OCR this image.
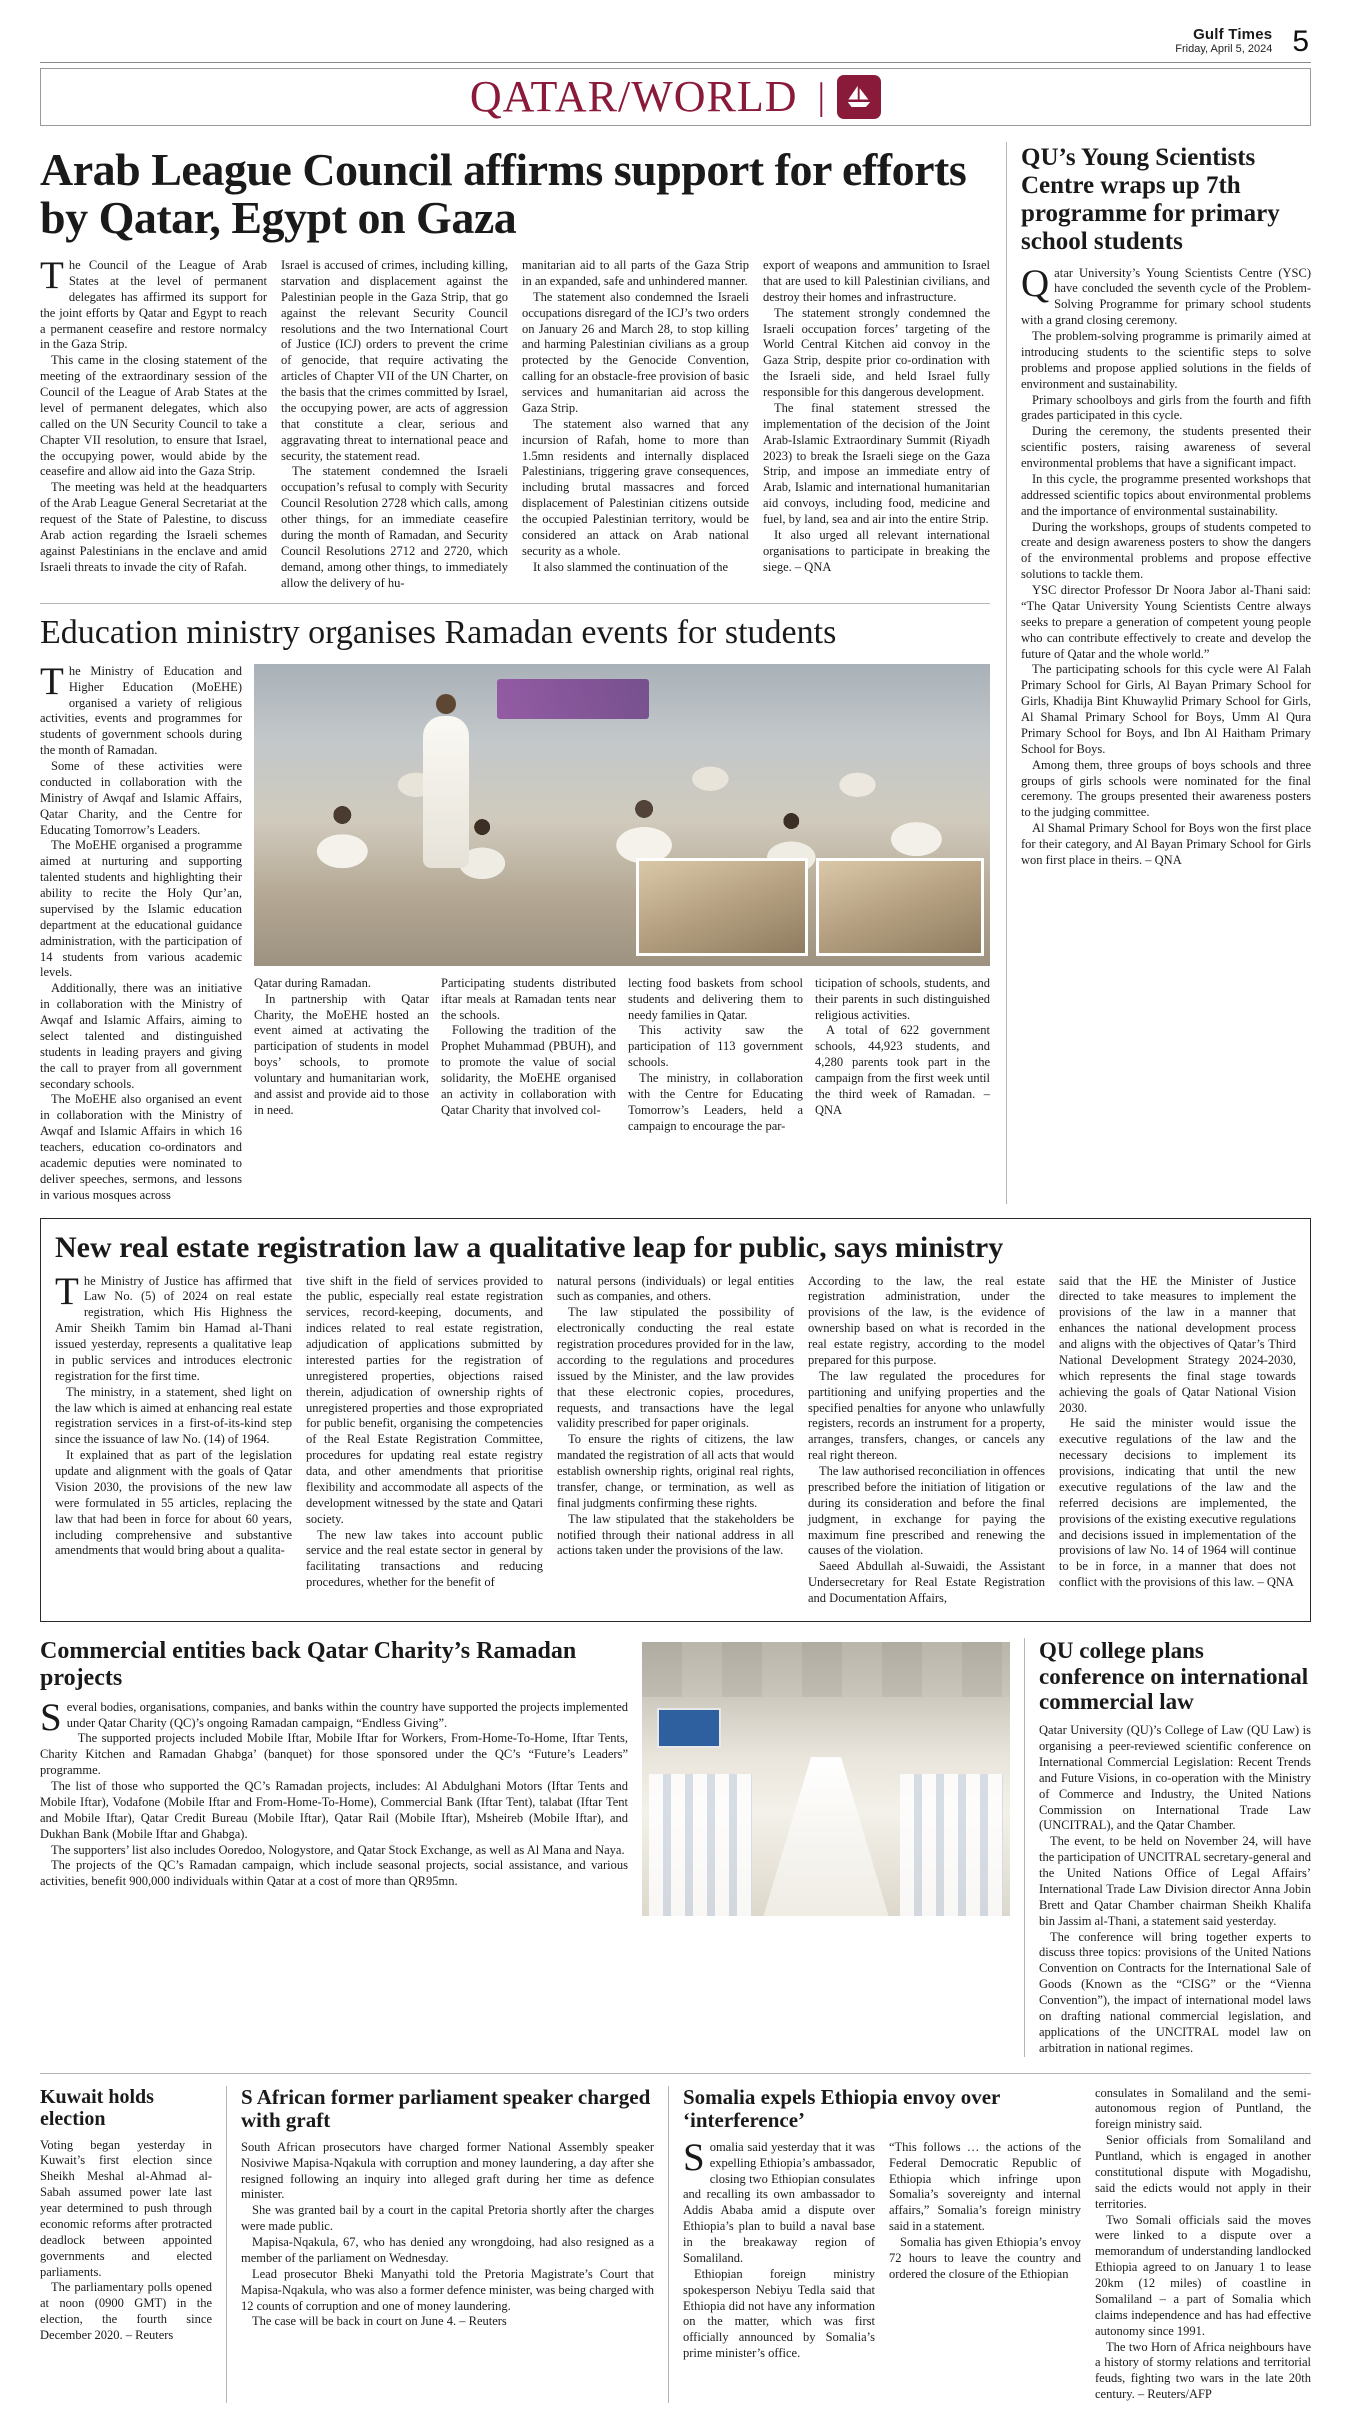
Gulf Times
Friday, April 5, 2024 5
QATAR/WORLD |
Arab League Council affirms support for efforts by Qatar, Egypt on Gaza

The Council of the League of Arab States at the level of permanent delegates has affirmed its support for the joint efforts by Qatar and Egypt to reach a permanent ceasefire and restore normalcy in the Gaza Strip.

This came in the closing statement of the meeting of the extraordinary session of the Council of the League of Arab States at the level of permanent delegates, which also called on the UN Security Council to take a Chapter VII resolution, to ensure that Israel, the occupying power, would abide by the ceasefire and allow aid into the Gaza Strip.

The meeting was held at the headquarters of the Arab League General Secretariat at the request of the State of Palestine, to discuss Arab action regarding the Israeli schemes against Palestinians in the enclave and amid Israeli threats to invade the city of Rafah.

Israel is accused of crimes, including killing, starvation and displacement against the Palestinian people in the Gaza Strip, that go against the relevant Security Council resolutions and the two International Court of Justice (ICJ) orders to prevent the crime of genocide, that require activating the articles of Chapter VII of the UN Charter, on the basis that the crimes committed by Israel, the occupying power, are acts of aggression that constitute a clear, serious and aggravating threat to international peace and security, the statement read.

The statement condemned the Israeli occupation’s refusal to comply with Security Council Resolution 2728 which calls, among other things, for an immediate ceasefire during the month of Ramadan, and Security Council Resolutions 2712 and 2720, which demand, among other things, to immediately allow the delivery of hu-

manitarian aid to all parts of the Gaza Strip in an expanded, safe and unhindered manner.

The statement also condemned the Israeli occupations disregard of the ICJ’s two orders on January 26 and March 28, to stop killing and harming Palestinian civilians as a group protected by the Genocide Convention, calling for an obstacle-free provision of basic services and humanitarian aid across the Gaza Strip.

The statement also warned that any incursion of Rafah, home to more than 1.5mn residents and internally displaced Palestinians, triggering grave consequences, including brutal massacres and forced displacement of Palestinian citizens outside the occupied Palestinian territory, would be considered an attack on Arab national security as a whole.

It also slammed the continuation of the

export of weapons and ammunition to Israel that are used to kill Palestinian civilians, and destroy their homes and infrastructure.

The statement strongly condemned the Israeli occupation forces’ targeting of the World Central Kitchen aid convoy in the Gaza Strip, despite prior co-ordination with the Israeli side, and held Israel fully responsible for this dangerous development.

The final statement stressed the implementation of the decision of the Joint Arab-Islamic Extraordinary Summit (Riyadh 2023) to break the Israeli siege on the Gaza Strip, and impose an immediate entry of Arab, Islamic and international humanitarian aid convoys, including food, medicine and fuel, by land, sea and air into the entire Strip.

It also urged all relevant international organisations to participate in breaking the siege. – QNA

Education ministry organises Ramadan events for students

The Ministry of Education and Higher Education (MoEHE) organised a variety of religious activities, events and programmes for students of government schools during the month of Ramadan.

Some of these activities were conducted in collaboration with the Ministry of Awqaf and Islamic Affairs, Qatar Charity, and the Centre for Educating Tomorrow’s Leaders.

The MoEHE organised a programme aimed at nurturing and supporting talented students and highlighting their ability to recite the Holy Qur’an, supervised by the Islamic education department at the educational guidance administration, with the participation of 14 students from various academic levels.

Additionally, there was an initiative in collaboration with the Ministry of Awqaf and Islamic Affairs, aiming to select talented and distinguished students in leading prayers and giving the call to prayer from all government secondary schools.

The MoEHE also organised an event in collaboration with the Ministry of Awqaf and Islamic Affairs in which 16 teachers, education co-ordinators and academic deputies were nominated to deliver speeches, sermons, and lessons in various mosques across

Qatar during Ramadan.

In partnership with Qatar Charity, the MoEHE hosted an event aimed at activating the participation of students in model boys’ schools, to promote voluntary and humanitarian work, and assist and provide aid to those in need.

Participating students distributed iftar meals at Ramadan tents near the schools.

Following the tradition of the Prophet Muhammad (PBUH), and to promote the value of social solidarity, the MoEHE organised an activity in collaboration with Qatar Charity that involved col-

lecting food baskets from school students and delivering them to needy families in Qatar.

This activity saw the participation of 113 government schools.

The ministry, in collaboration with the Centre for Educating Tomorrow’s Leaders, held a campaign to encourage the par-

ticipation of schools, students, and their parents in such distinguished religious activities.

A total of 622 government schools, 44,923 students, and 4,280 parents took part in the campaign from the first week until the third week of Ramadan. – QNA

QU’s Young Scientists Centre wraps up 7th programme for primary school students

Qatar University’s Young Scientists Centre (YSC) have concluded the seventh cycle of the Problem-Solving Programme for primary school students with a grand closing ceremony.

The problem-solving programme is primarily aimed at introducing students to the scientific steps to solve problems and propose applied solutions in the fields of environment and sustainability.

Primary schoolboys and girls from the fourth and fifth grades participated in this cycle.

During the ceremony, the students presented their scientific posters, raising awareness of several environmental problems that have a significant impact.

In this cycle, the programme presented workshops that addressed scientific topics about environmental problems and the importance of environmental sustainability.

During the workshops, groups of students competed to create and design awareness posters to show the dangers of the environmental problems and propose effective solutions to tackle them.

YSC director Professor Dr Noora Jabor al-Thani said: “The Qatar University Young Scientists Centre always seeks to prepare a generation of competent young people who can contribute effectively to create and develop the future of Qatar and the whole world.”

The participating schools for this cycle were Al Falah Primary School for Girls, Al Bayan Primary School for Girls, Khadija Bint Khuwaylid Primary School for Girls, Al Shamal Primary School for Boys, Umm Al Qura Primary School for Boys, and Ibn Al Haitham Primary School for Boys.

Among them, three groups of boys schools and three groups of girls schools were nominated for the final ceremony. The groups presented their awareness posters to the judging committee.

Al Shamal Primary School for Boys won the first place for their category, and Al Bayan Primary School for Girls won first place in theirs. – QNA

New real estate registration law a qualitative leap for public, says ministry

The Ministry of Justice has affirmed that Law No. (5) of 2024 on real estate registration, which His Highness the Amir Sheikh Tamim bin Hamad al-Thani issued yesterday, represents a qualitative leap in public services and introduces electronic registration for the first time.

The ministry, in a statement, shed light on the law which is aimed at enhancing real estate registration services in a first-of-its-kind step since the issuance of law No. (14) of 1964.

It explained that as part of the legislation update and alignment with the goals of Qatar Vision 2030, the provisions of the new law were formulated in 55 articles, replacing the law that had been in force for about 60 years, including comprehensive and substantive amendments that would bring about a qualita-

tive shift in the field of services provided to the public, especially real estate registration services, record-keeping, documents, and indices related to real estate registration, adjudication of applications submitted by interested parties for the registration of unregistered properties, objections raised therein, adjudication of ownership rights of unregistered properties and those expropriated for public benefit, organising the competencies of the Real Estate Registration Committee, procedures for updating real estate registry data, and other amendments that prioritise flexibility and accommodate all aspects of the development witnessed by the state and Qatari society.

The new law takes into account public service and the real estate sector in general by facilitating transactions and reducing procedures, whether for the benefit of

natural persons (individuals) or legal entities such as companies, and others.

The law stipulated the possibility of electronically conducting the real estate registration procedures provided for in the law, according to the regulations and procedures issued by the Minister, and the law provides that these electronic copies, procedures, requests, and transactions have the legal validity prescribed for paper originals.

To ensure the rights of citizens, the law mandated the registration of all acts that would establish ownership rights, original real rights, transfer, change, or termination, as well as final judgments confirming these rights.

The law stipulated that the stakeholders be notified through their national address in all actions taken under the provisions of the law.

According to the law, the real estate registration administration, under the provisions of the law, is the evidence of ownership based on what is recorded in the real estate registry, according to the model prepared for this purpose.

The law regulated the procedures for partitioning and unifying properties and the specified penalties for anyone who unlawfully registers, records an instrument for a property, arranges, transfers, changes, or cancels any real right thereon.

The law authorised reconciliation in offences prescribed before the initiation of litigation or during its consideration and before the final judgment, in exchange for paying the maximum fine prescribed and renewing the causes of the violation.

Saeed Abdullah al-Suwaidi, the Assistant Undersecretary for Real Estate Registration and Documentation Affairs,

said that the HE the Minister of Justice directed to take measures to implement the provisions of the law in a manner that enhances the national development process and aligns with the objectives of Qatar’s Third National Development Strategy 2024-2030, which represents the final stage towards achieving the goals of Qatar National Vision 2030.

He said the minister would issue the executive regulations of the law and the necessary decisions to implement its provisions, indicating that until the new executive regulations of the law and the referred decisions are implemented, the provisions of the existing executive regulations and decisions issued in implementation of the provisions of law No. 14 of 1964 will continue to be in force, in a manner that does not conflict with the provisions of this law. – QNA

Commercial entities back Qatar Charity’s Ramadan projects

Several bodies, organisations, companies, and banks within the country have supported the projects implemented under Qatar Charity (QC)’s ongoing Ramadan campaign, “Endless Giving”.

The supported projects included Mobile Iftar, Mobile Iftar for Workers, From-Home-To-Home, Iftar Tents, Charity Kitchen and Ramadan Ghabga’ (banquet) for those sponsored under the QC’s “Future’s Leaders” programme.

The list of those who supported the QC’s Ramadan projects, includes: Al Abdulghani Motors (Iftar Tents and Mobile Iftar), Vodafone (Mobile Iftar and From-Home-To-Home), Commercial Bank (Iftar Tent), talabat (Iftar Tent and Mobile Iftar), Qatar Credit Bureau (Mobile Iftar), Qatar Rail (Mobile Iftar), Msheireb (Mobile Iftar), and Dukhan Bank (Mobile Iftar and Ghabga).

The supporters’ list also includes Ooredoo, Nologystore, and Qatar Stock Exchange, as well as Al Mana and Naya.

The projects of the QC’s Ramadan campaign, which include seasonal projects, social assistance, and various activities, benefit 900,000 individuals within Qatar at a cost of more than QR95mn.

QU college plans conference on international commercial law

Qatar University (QU)’s College of Law (QU Law) is organising a peer-reviewed scientific conference on International Commercial Legislation: Recent Trends and Future Visions, in co-operation with the Ministry of Commerce and Industry, the United Nations Commission on International Trade Law (UNCITRAL), and the Qatar Chamber.

The event, to be held on November 24, will have the participation of UNCITRAL secretary-general and the United Nations Office of Legal Affairs’ International Trade Law Division director Anna Jobin Brett and Qatar Chamber chairman Sheikh Khalifa bin Jassim al-Thani, a statement said yesterday.

The conference will bring together experts to discuss three topics: provisions of the United Nations Convention on Contracts for the International Sale of Goods (Known as the “CISG” or the “Vienna Convention”), the impact of international model laws on drafting national commercial legislation, and applications of the UNCITRAL model law on arbitration in national regimes.

Kuwait holds election

Voting began yesterday in Kuwait’s first election since Sheikh Meshal al-Ahmad al-Sabah assumed power late last year determined to push through economic reforms after protracted deadlock between appointed governments and elected parliaments.

The parliamentary polls opened at noon (0900 GMT) in the election, the fourth since December 2020. – Reuters

S African former parliament speaker charged with graft

South African prosecutors have charged former National Assembly speaker Nosiviwe Mapisa-Nqakula with corruption and money laundering, a day after she resigned following an inquiry into alleged graft during her time as defence minister.

She was granted bail by a court in the capital Pretoria shortly after the charges were made public.

Mapisa-Nqakula, 67, who has denied any wrongdoing, had also resigned as a member of the parliament on Wednesday.

Lead prosecutor Bheki Manyathi told the Pretoria Magistrate’s Court that Mapisa-Nqakula, who was also a former defence minister, was being charged with 12 counts of corruption and one of money laundering.

The case will be back in court on June 4. – Reuters

Somalia expels Ethiopia envoy over ‘interference’

Somalia said yesterday that it was expelling Ethiopia’s ambassador, closing two Ethiopian consulates and recalling its own ambassador to Addis Ababa amid a dispute over Ethiopia’s plan to build a naval base in the breakaway region of Somaliland.

Ethiopian foreign ministry spokesperson Nebiyu Tedla said that Ethiopia did not have any information on the matter, which was first officially announced by Somalia’s prime minister’s office.

“This follows … the actions of the Federal Democratic Republic of Ethiopia which infringe upon Somalia’s sovereignty and internal affairs,” Somalia’s foreign ministry said in a statement.

Somalia has given Ethiopia’s envoy 72 hours to leave the country and ordered the closure of the Ethiopian

consulates in Somaliland and the semi-autonomous region of Puntland, the foreign ministry said.

Senior officials from Somaliland and Puntland, which is engaged in another constitutional dispute with Mogadishu, said the edicts would not apply in their territories.

Two Somali officials said the moves were linked to a dispute over a memorandum of understanding landlocked Ethiopia agreed to on January 1 to lease 20km (12 miles) of coastline in Somaliland – a part of Somalia which claims independence and has had effective autonomy since 1991.

The two Horn of Africa neighbours have a history of stormy relations and territorial feuds, fighting two wars in the late 20th century. – Reuters/AFP
